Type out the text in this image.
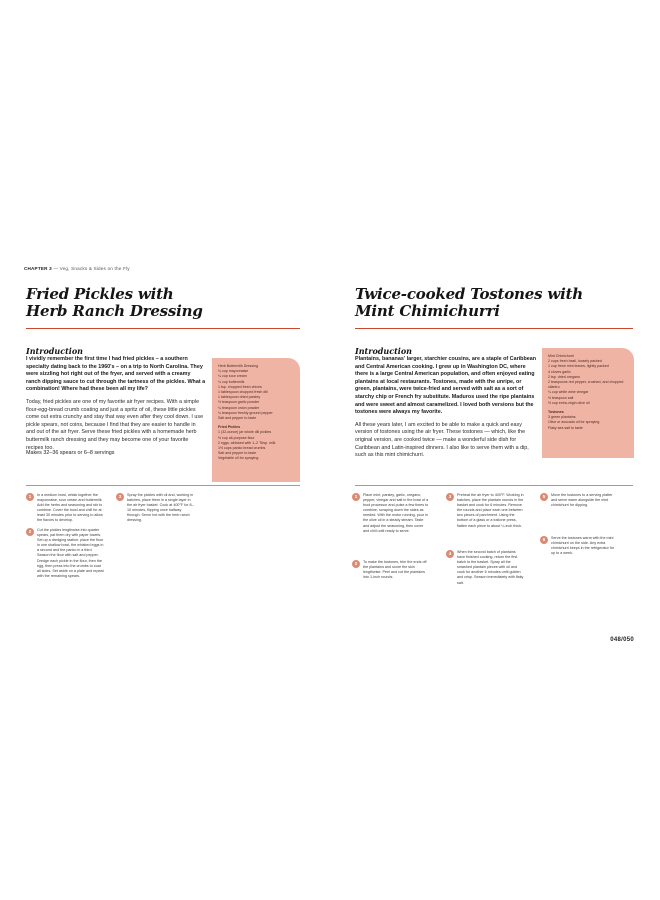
CHAPTER 3 — Veg, Snacks & Sides on the Fly
Fried Pickles with
Herb Ranch Dressing
Introduction

I vividly remember the first time I had fried pickles – a southern specialty dating back to the 1960's – on a trip to North Carolina. They were sizzling hot right out of the fryer, and served with a creamy ranch dipping sauce to cut through the tartness of the pickles. What a combination! Where had these been all my life?

Today, fried pickles are one of my favorite air fryer recipes. With a simple flour-egg-bread crumb coating and just a spritz of oil, these little pickles come out extra crunchy and stay that way even after they cool down. I use pickle spears, not coins, because I find that they are easier to handle in and out of the air fryer. Serve these fried pickles with a homemade herb buttermilk ranch dressing and they may become one of your favorite recipes too.

Makes 32–36 spears or 6–8 servings
Herb Buttermilk Dressing
¼ cup mayonnaise
¼ cup sour cream
¼ cup buttermilk
1 tsp. chopped fresh chives
1 tablespoon chopped fresh dill
1 tablespoon dried parsley
½ teaspoon garlic powder
¼ teaspoon onion powder
¼ teaspoon freshly ground pepper
Salt and pepper to taste
Fried Pickles
1 (32-ounce) jar whole dill pickles
½ cup all-purpose flour
2 eggs, whisked with 1–2 Tbsp. milk
1½ cups panko bread crumbs
Salt and pepper to taste
Vegetable oil for spraying
1	In a medium bowl, whisk together the mayonnaise, sour cream and buttermilk. Add the herbs and seasoning and stir to combine. Cover the bowl and chill for at least 30 minutes prior to serving to allow the flavors to develop.
2	Cut the pickles lengthwise into quarter spears, pat them dry with paper towels. Set up a dredging station: place the flour in one shallow bowl, the whisked eggs in a second and the panko in a third. Season the flour with salt and pepper. Dredge each pickle in the flour, then the egg, then press into the crumbs to coat all sides. Set aside on a plate and repeat with the remaining spears.
3	Spray the pickles with oil and, working in batches, place them in a single layer in the air fryer basket. Cook at 400°F for 8–10 minutes, flipping once halfway through. Serve hot with the herb ranch dressing.
Twice-cooked Tostones with
Mint Chimichurri
Introduction

Plantains, bananas' larger, starchier cousins, are a staple of Caribbean and Central American cooking. I grew up in Washington DC, where there is a large Central American population, and often enjoyed eating plantains at local restaurants. Tostones, made with the unripe, or green, plantains, were twice-fried and served with salt as a sort of starchy chip or French fry substitute. Maduros used the ripe plantains and were sweet and almost caramelized. I loved both versions but the tostones were always my favorite.

All these years later, I am excited to be able to make a quick and easy version of tostones using the air fryer. These tostones — which, like the original version, are cooked twice — make a wonderful side dish for Caribbean and Latin-inspired dinners. I also like to serve them with a dip, such as this mint chimichurri.

Mint Chimichurri
2 cups fresh basil, loosely packed
1 cup fresh mint leaves, lightly packed
4 cloves garlic
2 tsp. dried oregano
2 teaspoons red pepper, crushed, and chopped cilantro
¼ cup white wine vinegar
½ teaspoon salt
½ cup extra-virgin olive oil
Tostones
3 green plantains
Olive or avocado oil for spraying
Flaky sea salt to taste
1	Place mint, parsley, garlic, oregano, pepper, vinegar and salt in the bowl of a food processor and pulse a few times to combine, scraping down the sides as needed. With the motor running, pour in the olive oil in a steady stream. Taste and adjust the seasoning, then cover and chill until ready to serve.
2	To make the tostones, trim the ends off the plantains and score the skin lengthwise. Peel and cut the plantains into 1-inch rounds.
3	Preheat the air fryer to 400°F. Working in batches, place the plantain rounds in the basket and cook for 6 minutes. Remove the rounds and place each one between two pieces of parchment. Using the bottom of a glass or a tostone press, flatten each piece to about ¼-inch thick.
4	When the second batch of plantains have finished cooking, return the first batch to the basket. Spray all the smashed plantain pieces with oil and cook for another 6 minutes until golden and crisp. Season immediately with flaky salt.
5	Move the tostones to a serving platter and serve warm alongside the mint chimichurri for dipping.
6	Serve the tostones warm with the mint chimichurri on the side. Any extra chimichurri keeps in the refrigerator for up to a week.
048/050
